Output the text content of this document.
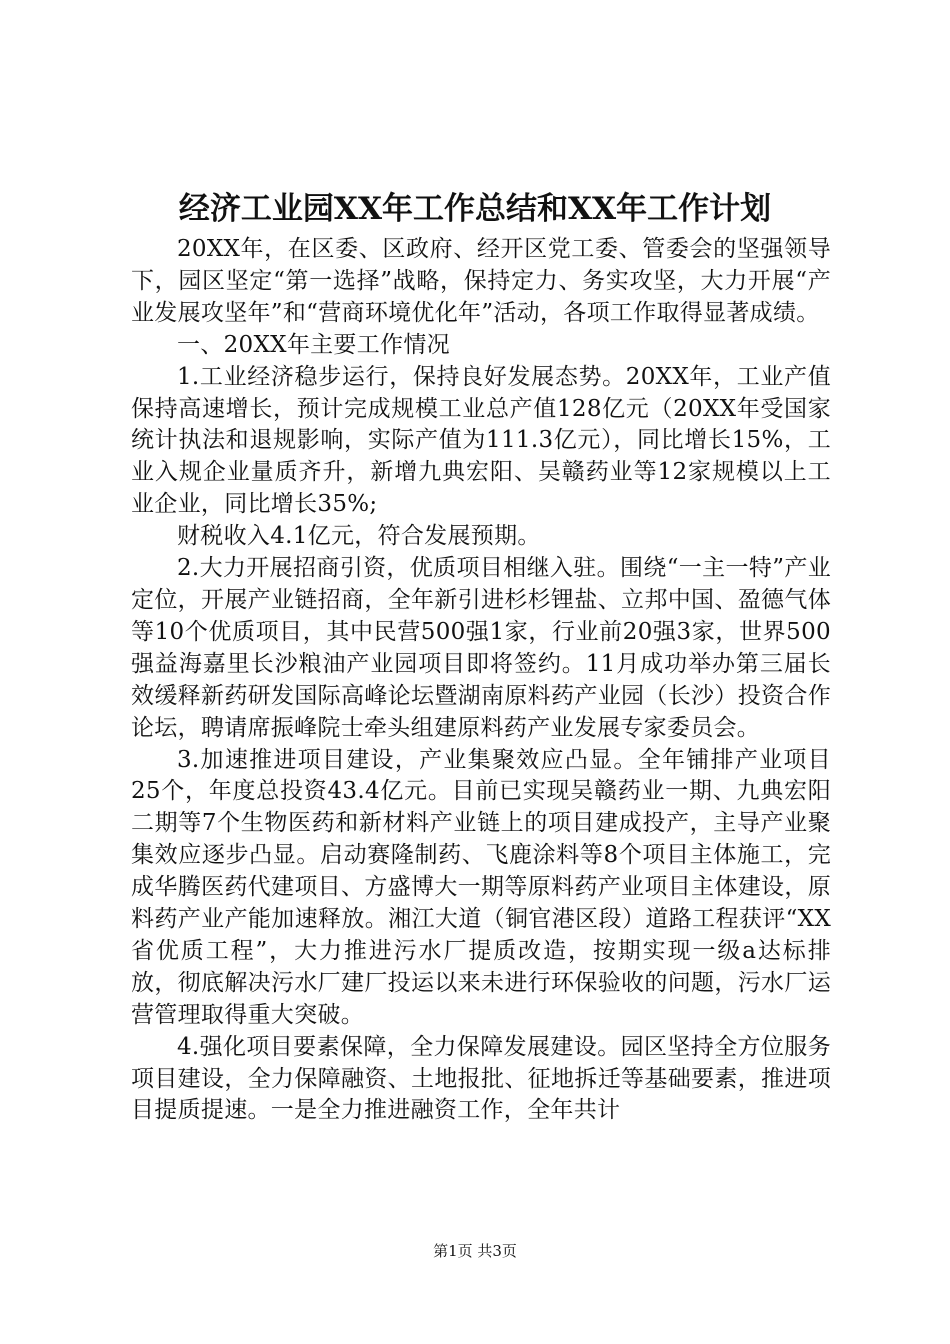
经济工业园XX年工作总结和XX年工作计划

20XX年，在区委、区政府、经开区党工委、管委会的坚强领导下，园区坚定“第一选择”战略，保持定力、务实攻坚，大力开展“产业发展攻坚年”和“营商环境优化年”活动，各项工作取得显著成绩。

一、20XX年主要工作情况

1.工业经济稳步运行，保持良好发展态势。20XX年，工业产值保持高速增长，预计完成规模工业总产值128亿元（20XX年受国家统计执法和退规影响，实际产值为111.3亿元），同比增长15%，工业入规企业量质齐升，新增九典宏阳、吴赣药业等12家规模以上工业企业，同比增长35%;

财税收入4.1亿元，符合发展预期。

2.大力开展招商引资，优质项目相继入驻。围绕“一主一特”产业定位，开展产业链招商，全年新引进杉杉锂盐、立邦中国、盈德气体等10个优质项目，其中民营500强1家，行业前20强3家，世界500强益海嘉里长沙粮油产业园项目即将签约。11月成功举办第三届长效缓释新药研发国际高峰论坛暨湖南原料药产业园（长沙）投资合作论坛，聘请席振峰院士牵头组建原料药产业发展专家委员会。

3.加速推进项目建设，产业集聚效应凸显。全年铺排产业项目25个，年度总投资43.4亿元。目前已实现吴赣药业一期、九典宏阳二期等7个生物医药和新材料产业链上的项目建成投产，主导产业聚集效应逐步凸显。启动赛隆制药、飞鹿涂料等8个项目主体施工，完成华腾医药代建项目、方盛博大一期等原料药产业项目主体建设，原料药产业产能加速释放。湘江大道（铜官港区段）道路工程获评“XX省优质工程”，大力推进污水厂提质改造，按期实现一级a达标排放，彻底解决污水厂建厂投运以来未进行环保验收的问题，污水厂运营管理取得重大突破。

4.强化项目要素保障，全力保障发展建设。园区坚持全方位服务项目建设，全力保障融资、土地报批、征地拆迁等基础要素，推进项目提质提速。一是全力推进融资工作，全年共计

第1页 共3页
